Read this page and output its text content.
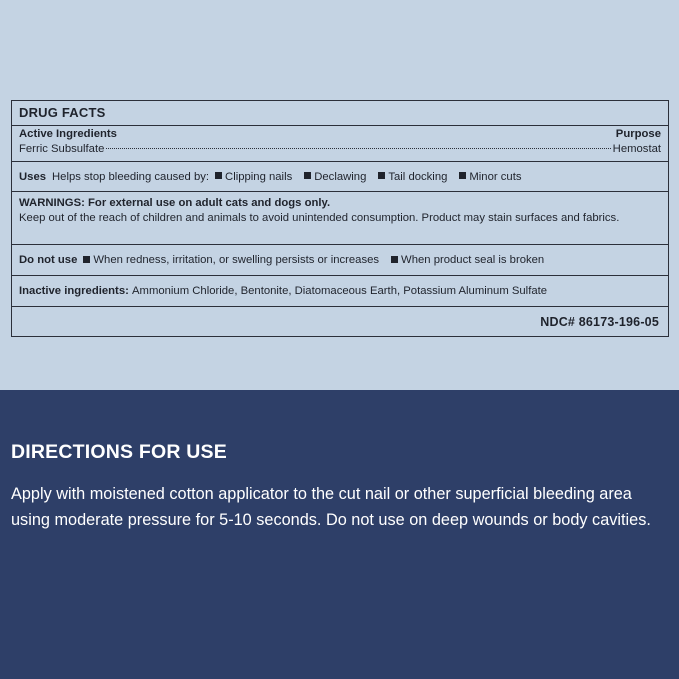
DRUG FACTS
Active Ingredients	Purpose
Ferric Subsulfate	Hemostat
Uses Helps stop bleeding caused by:	Clipping nails	Declawing	Tail docking	Minor cuts
WARNINGS: For external use on adult cats and dogs only.
Keep out of the reach of children and animals to avoid unintended consumption. Product may stain surfaces and fabrics.
Do not use	When redness, irritation, or swelling persists or increases	When product seal is broken
Inactive ingredients:
Ammonium Chloride, Bentonite, Diatomaceous Earth, Potassium Aluminum Sulfate
NDC# 86173-196-05
DIRECTIONS FOR USE
Apply with moistened cotton applicator to the cut nail or other superficial bleeding area using moderate pressure for 5-10 seconds. Do not use on deep wounds or body cavities.
